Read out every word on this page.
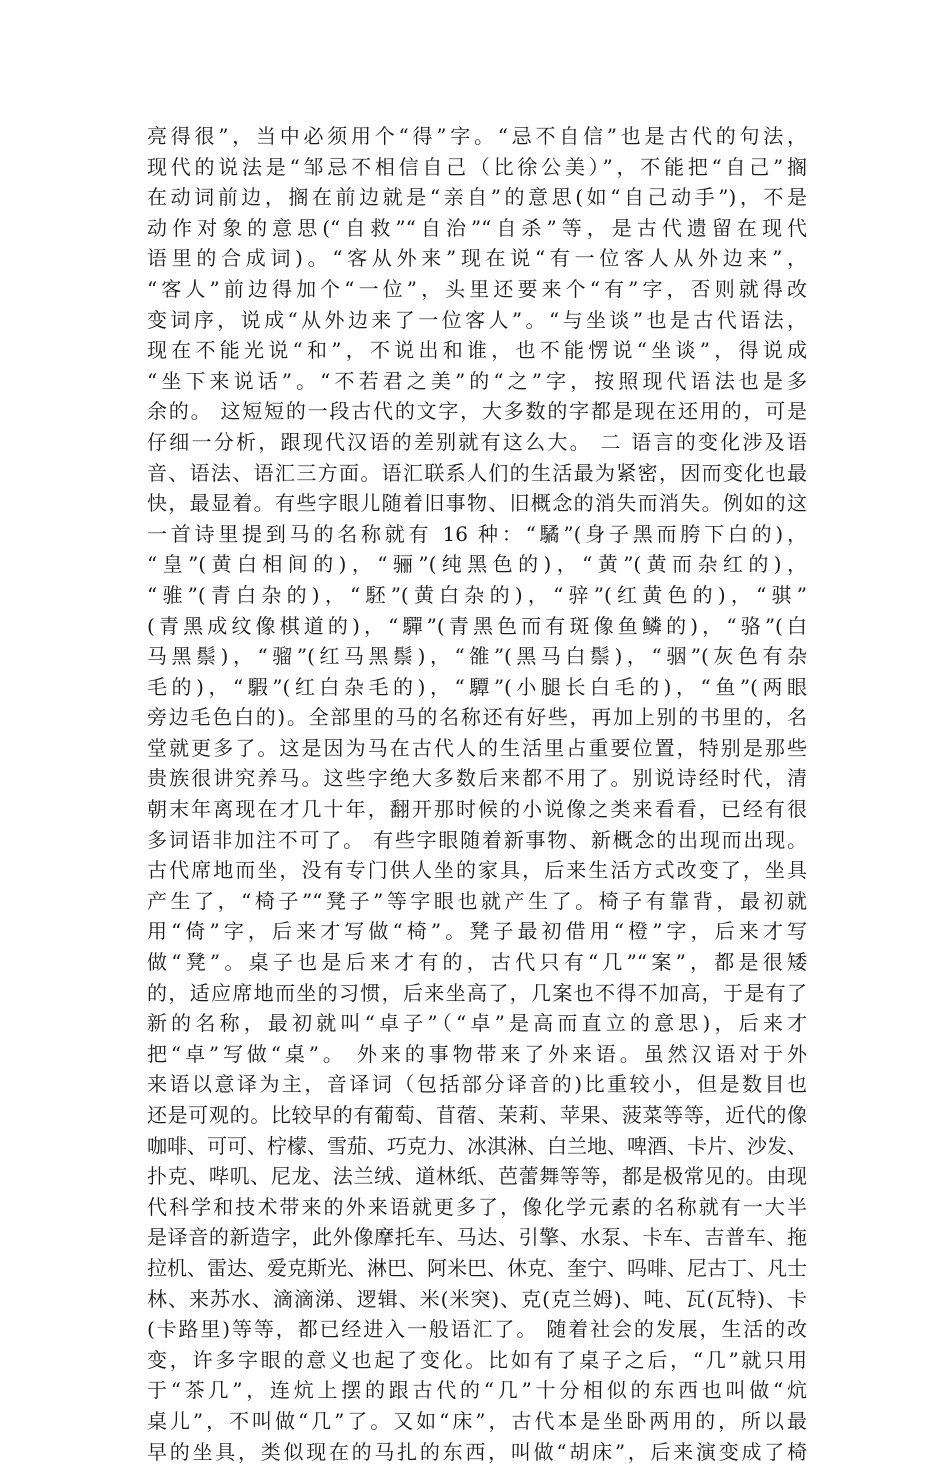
亮得很”，当中必须用个“得”字。“忌不自信”也是古代的句法，
现代的说法是“邹忌不相信自己（比徐公美）”，不能把“自己”搁
在动词前边，搁在前边就是“亲自”的意思(如“自己动手”)，不是
动作对象的意思(“自救”“自治”“自杀”等，是古代遗留在现代
语里的合成词)。“客从外来”现在说“有一位客人从外边来”，
“客人”前边得加个“一位”，头里还要来个“有”字，否则就得改
变词序，说成“从外边来了一位客人”。“与坐谈”也是古代语法，
现在不能光说“和”，不说出和谁，也不能愣说“坐谈”，得说成
“坐下来说话”。“不若君之美”的“之”字，按照现代语法也是多
余的。 这短短的一段古代的文字，大多数的字都是现在还用的，可是
仔细一分析，跟现代汉语的差别就有这么大。 二 语言的变化涉及语
音、语法、语汇三方面。语汇联系人们的生活最为紧密，因而变化也最
快，最显着。有些字眼儿随着旧事物、旧概念的消失而消失。例如的这
一首诗里提到马的名称就有 16 种：“驈”(身子黑而胯下白的)，
“皇”(黄白相间的)，“骊”(纯黑色的)，“黄”(黄而杂红的)，
“骓”(青白杂的)，“駓”(黄白杂的)，“骍”(红黄色的)，“骐”
(青黑成纹像棋道的)，“驒”(青黑色而有斑像鱼鳞的)，“骆”(白
马黑鬃)，“骝”(红马黑鬃)，“雒”(黑马白鬃)，“骃”(灰色有杂
毛的)，“騢”(红白杂毛的)，“驔”(小腿长白毛的)，“鱼”(两眼
旁边毛色白的)。全部里的马的名称还有好些，再加上别的书里的，名
堂就更多了。这是因为马在古代人的生活里占重要位置，特别是那些
贵族很讲究养马。这些字绝大多数后来都不用了。别说诗经时代，清
朝末年离现在才几十年，翻开那时候的小说像之类来看看，已经有很
多词语非加注不可了。 有些字眼随着新事物、新概念的出现而出现。
古代席地而坐，没有专门供人坐的家具，后来生活方式改变了，坐具
产生了，“椅子”“凳子”等字眼也就产生了。椅子有靠背，最初就
用“倚”字，后来才写做“椅”。凳子最初借用“橙”字，后来才写
做“凳”。桌子也是后来才有的，古代只有“几”“案”，都是很矮
的，适应席地而坐的习惯，后来坐高了，几案也不得不加高，于是有了
新的名称，最初就叫“卓子”（“卓”是高而直立的意思)，后来才
把“卓”写做“桌”。 外来的事物带来了外来语。虽然汉语对于外
来语以意译为主，音译词（包括部分译音的)比重较小，但是数目也
还是可观的。比较早的有葡萄、苜蓿、茉莉、苹果、菠菜等等，近代的像
咖啡、可可、柠檬、雪茄、巧克力、冰淇淋、白兰地、啤酒、卡片、沙发、
扑克、哔叽、尼龙、法兰绒、道林纸、芭蕾舞等等，都是极常见的。由现
代科学和技术带来的外来语就更多了，像化学元素的名称就有一大半
是译音的新造字，此外像摩托车、马达、引擎、水泵、卡车、吉普车、拖
拉机、雷达、爱克斯光、淋巴、阿米巴、休克、奎宁、吗啡、尼古丁、凡士
林、来苏水、滴滴涕、逻辑、米(米突)、克(克兰姆)、吨、瓦(瓦特)、卡
(卡路里)等等，都已经进入一般语汇了。 随着社会的发展，生活的改
变，许多字眼的意义也起了变化。比如有了桌子之后，“几”就只用
于“茶几”，连炕上摆的跟古代的“几”十分相似的东西也叫做“炕
桌儿”，不叫做“几”了。又如“床”，古代本是坐卧两用的，所以最
早的坐具，类似现在的马扎的东西，叫做“胡床”，后来演变成了椅
